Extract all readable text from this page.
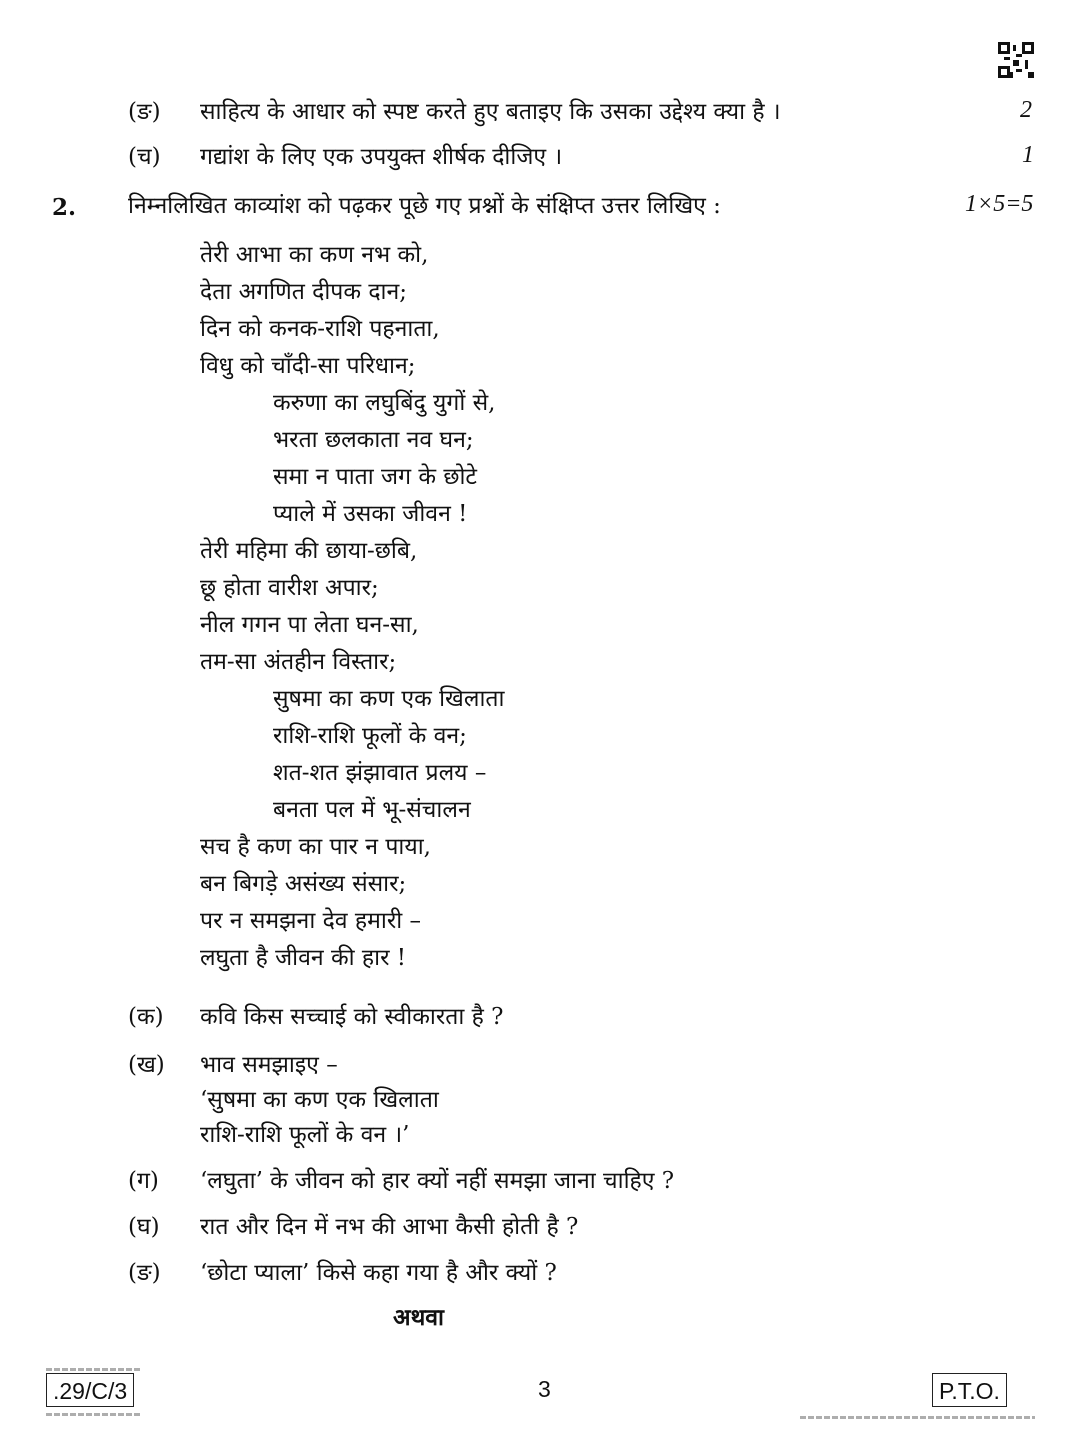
(ङ) साहित्य के आधार को स्पष्ट करते हुए बताइए कि उसका उद्देश्य क्या है ।	2
(च) गद्यांश के लिए एक उपयुक्त शीर्षक दीजिए ।	1
2. निम्नलिखित काव्यांश को पढ़कर पूछे गए प्रश्नों के संक्षिप्त उत्तर लिखिए :	1×5=5
तेरी आभा का कण नभ को,
देता अगणित दीपक दान;
दिन को कनक-राशि पहनाता,
विधु को चाँदी-सा परिधान;
करुणा का लघुबिंदु युगों से,
भरता छलकाता नव घन;
समा न पाता जग के छोटे
प्याले में उसका जीवन !
तेरी महिमा की छाया-छबि,
छू होता वारीश अपार;
नील गगन पा लेता घन-सा,
तम-सा अंतहीन विस्तार;
सुषमा का कण एक खिलाता
राशि-राशि फूलों के वन;
शत-शत झंझावात प्रलय –
बनता पल में भू-संचालन
सच है कण का पार न पाया,
बन बिगड़े असंख्य संसार;
पर न समझना देव हमारी –
लघुता है जीवन की हार !
(क) कवि किस सच्चाई को स्वीकारता है ?
(ख) भाव समझाइए –
‘सुषमा का कण एक खिलाता
राशि-राशि फूलों के वन ।’
(ग) ‘लघुता’ के जीवन को हार क्यों नहीं समझा जाना चाहिए ?
(घ) रात और दिन में नभ की आभा कैसी होती है ?
(ङ) ‘छोटा प्याला’ किसे कहा गया है और क्यों ?
अथवा
.29/C/3	3	P.T.O.
